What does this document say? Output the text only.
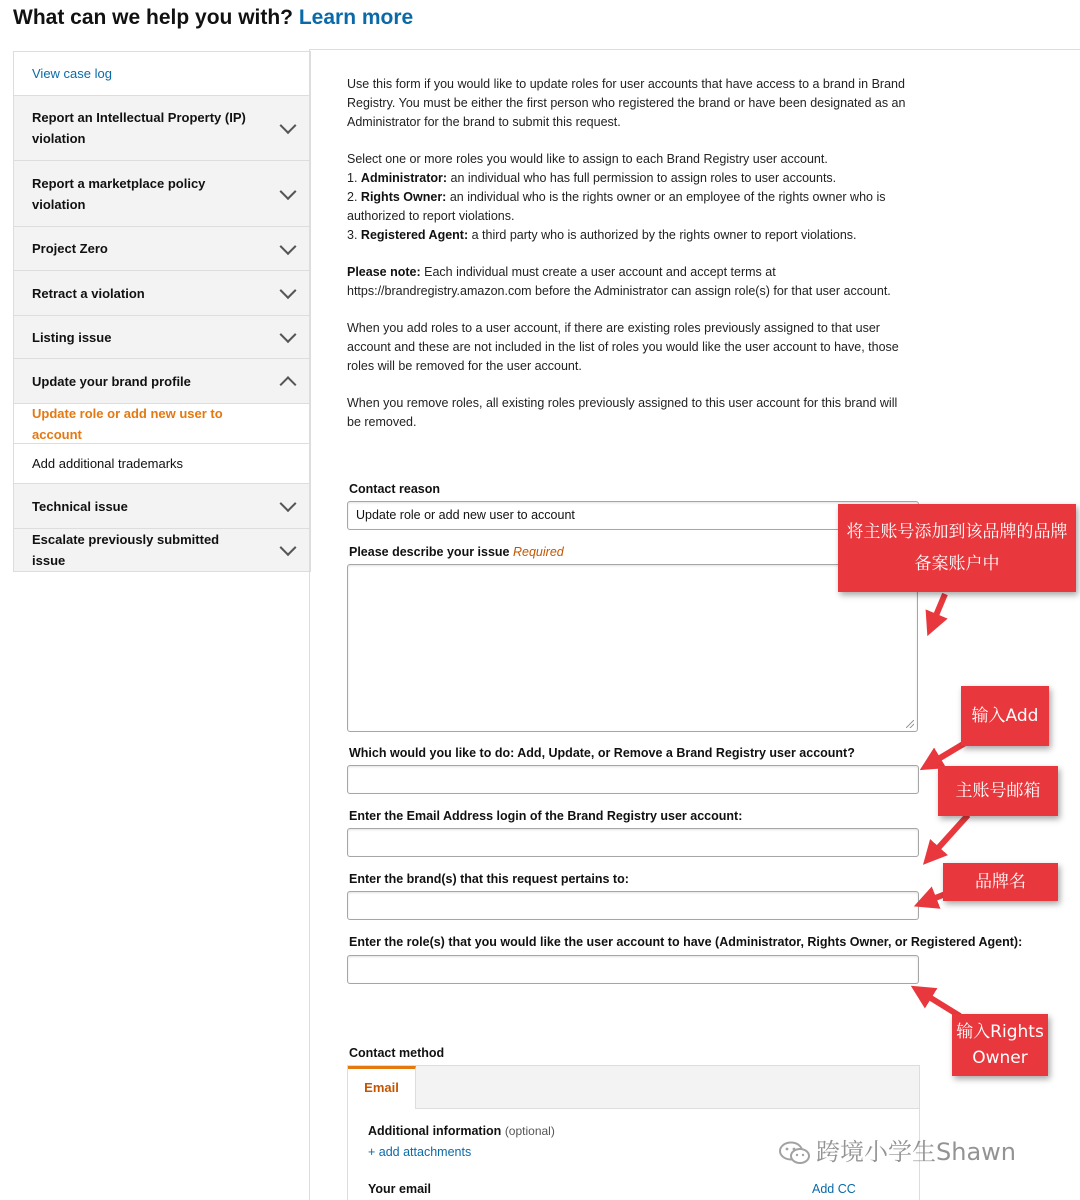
What can we help you with? Learn more
View case log
Report an Intellectual Property (IP) violation
Report a marketplace policy violation
Project Zero
Retract a violation
Listing issue
Update your brand profile
Update role or add new user to account
Add additional trademarks
Technical issue
Escalate previously submitted issue

Use this form if you would like to update roles for user accounts that have access to a brand in Brand Registry. You must be either the first person who registered the brand or have been designated as an Administrator for the brand to submit this request.

Select one or more roles you would like to assign to each Brand Registry user account.
1. Administrator: an individual who has full permission to assign roles to user accounts.
2. Rights Owner: an individual who is the rights owner or an employee of the rights owner who is authorized to report violations.
3. Registered Agent: a third party who is authorized by the rights owner to report violations.

Please note: Each individual must create a user account and accept terms at https://brandregistry.amazon.com before the Administrator can assign role(s) for that user account.

When you add roles to a user account, if there are existing roles previously assigned to that user account and these are not included in the list of roles you would like the user account to have, those roles will be removed for the user account.

When you remove roles, all existing roles previously assigned to this user account for this brand will be removed.

Contact reason
Update role or add new user to account
Please describe your issue Required
Which would you like to do: Add, Update, or Remove a Brand Registry user account?
Enter the Email Address login of the Brand Registry user account:
Enter the brand(s) that this request pertains to:
Enter the role(s) that you would like the user account to have (Administrator, Rights Owner, or Registered Agent):
Contact method
Email
Additional information (optional)
+ add attachments
Your email	Add CC
将主账号添加到该品牌的品牌备案账户中
输入Add
主账号邮箱
品牌名
输入Rights Owner
跨境小学生Shawn
